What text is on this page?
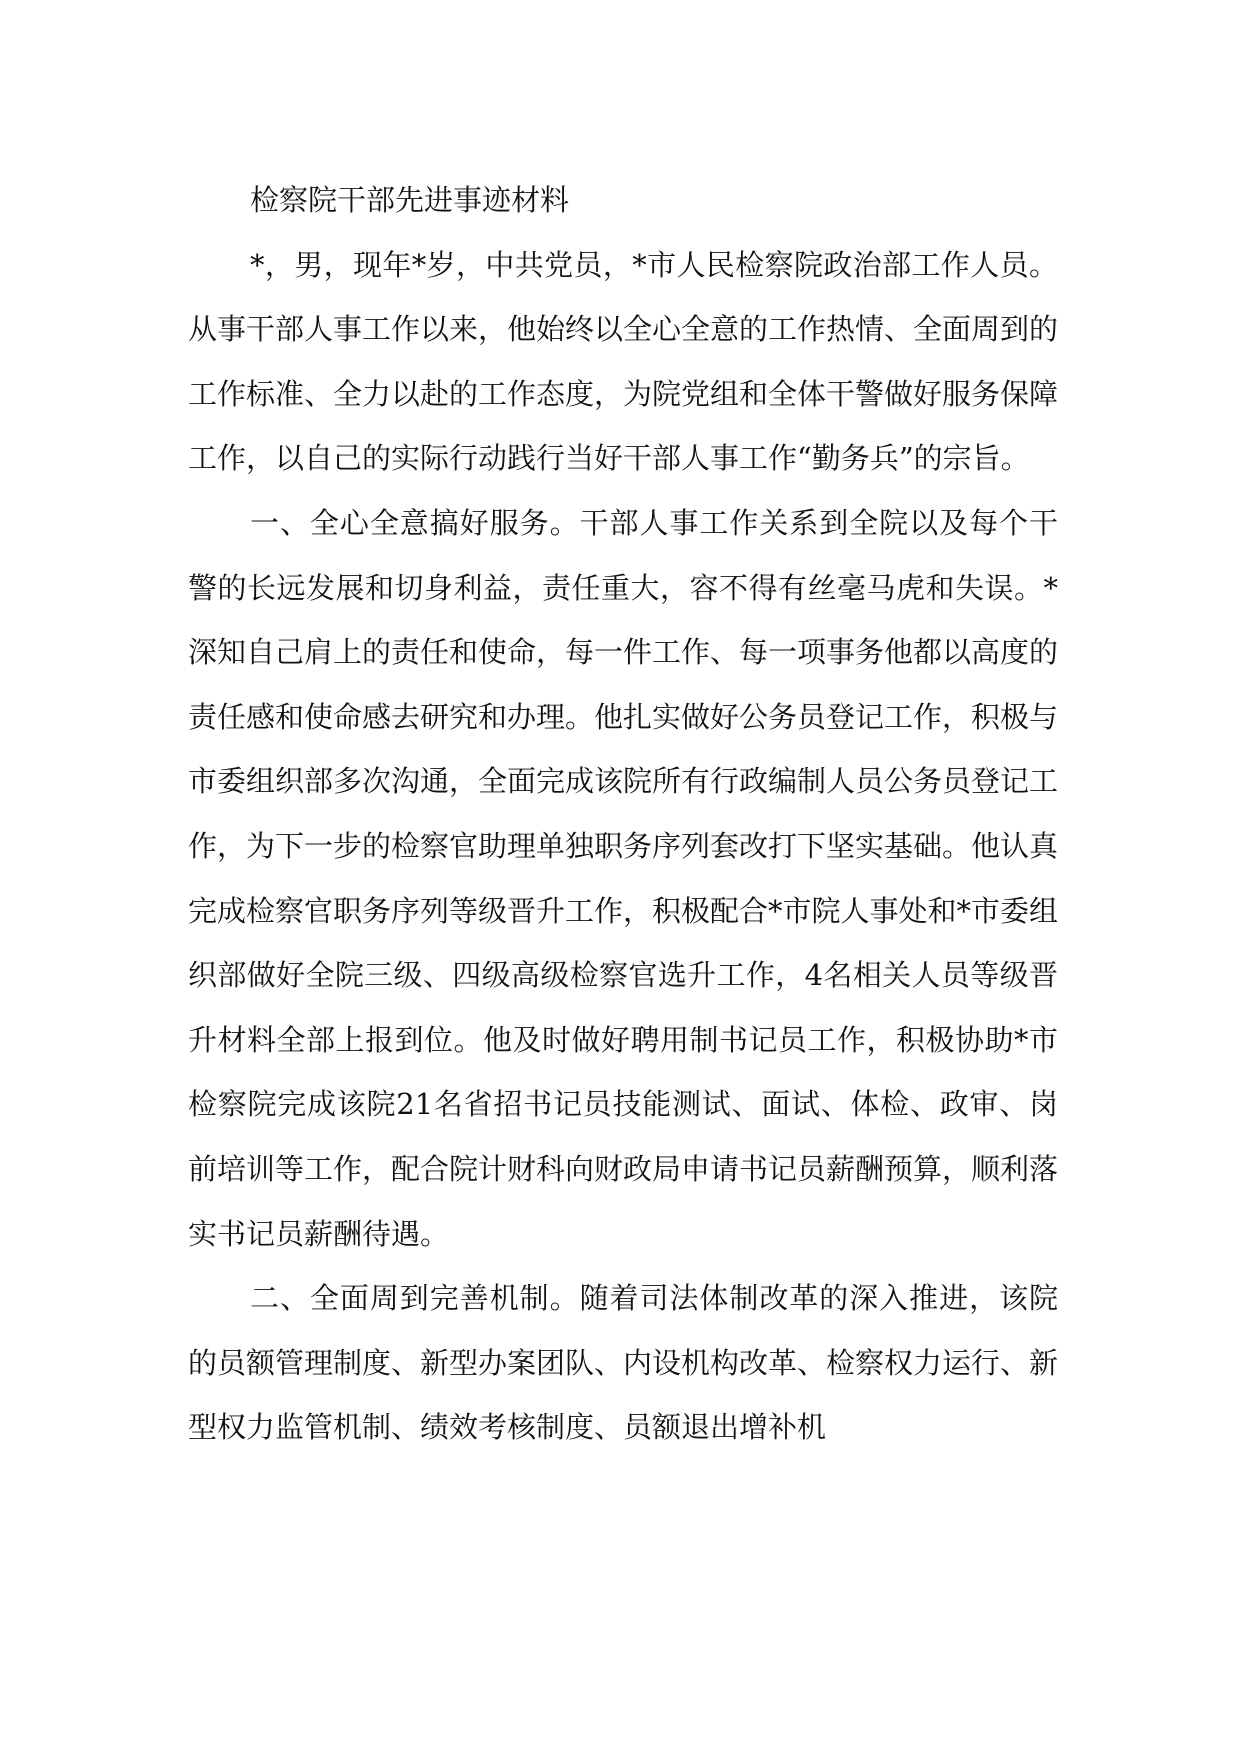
检察院干部先进事迹材料

*，男，现年*岁，中共党员，*市人民检察院政治部工作人员。从事干部人事工作以来，他始终以全心全意的工作热情、全面周到的工作标准、全力以赴的工作态度，为院党组和全体干警做好服务保障工作，以自己的实际行动践行当好干部人事工作“勤务兵”的宗旨。

一、全心全意搞好服务。干部人事工作关系到全院以及每个干警的长远发展和切身利益，责任重大，容不得有丝毫马虎和失误。*深知自己肩上的责任和使命，每一件工作、每一项事务他都以高度的责任感和使命感去研究和办理。他扎实做好公务员登记工作，积极与市委组织部多次沟通，全面完成该院所有行政编制人员公务员登记工作，为下一步的检察官助理单独职务序列套改打下坚实基础。他认真完成检察官职务序列等级晋升工作，积极配合*市院人事处和*市委组织部做好全院三级、四级高级检察官选升工作，4名相关人员等级晋升材料全部上报到位。他及时做好聘用制书记员工作，积极协助*市检察院完成该院21名省招书记员技能测试、面试、体检、政审、岗前培训等工作，配合院计财科向财政局申请书记员薪酬预算，顺利落实书记员薪酬待遇。

二、全面周到完善机制。随着司法体制改革的深入推进，该院的员额管理制度、新型办案团队、内设机构改革、检察权力运行、新型权力监管机制、绩效考核制度、员额退出增补机
